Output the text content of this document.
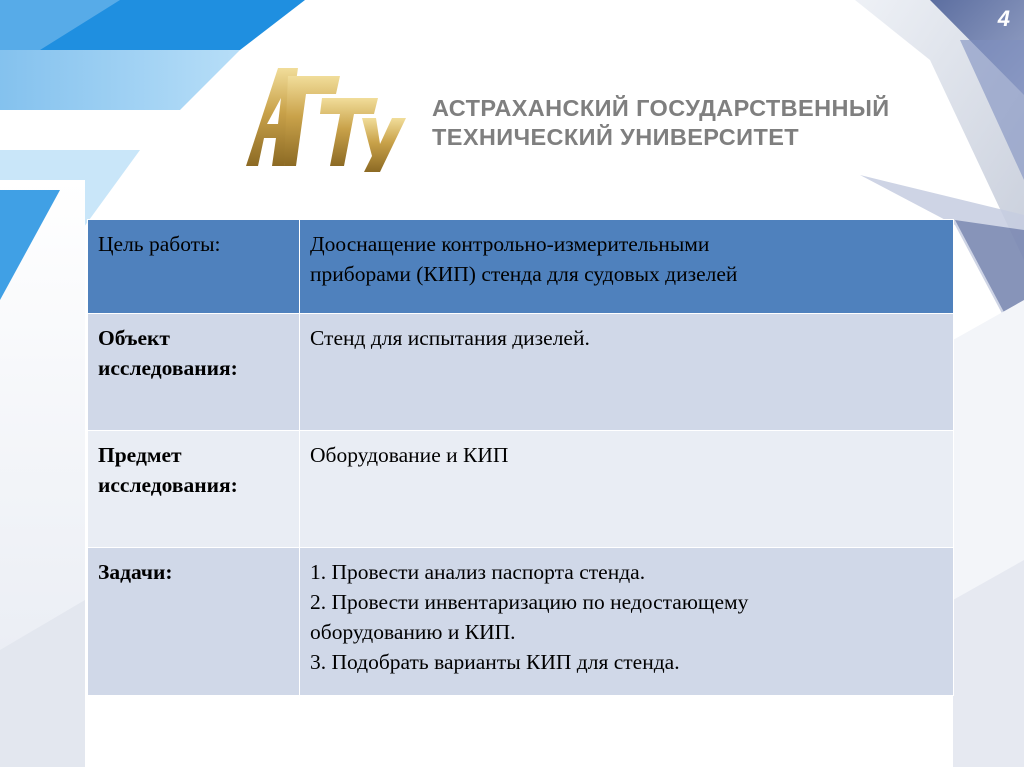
4
АСТРАХАНСКИЙ ГОСУДАРСТВЕННЫЙ
ТЕХНИЧЕСКИЙ УНИВЕРСИТЕТ
Цель работы:	Дооснащение контрольно-измерительными
приборами (КИП) стенда для судовых дизелей

Объект
исследования:	Стенд для испытания дизелей.

Предмет
исследования:	Оборудование и КИП
Задачи:	1. Провести анализ паспорта стенда.
2. Провести инвентаризацию по недостающему
оборудованию и КИП.
3. Подобрать варианты КИП для стенда.
